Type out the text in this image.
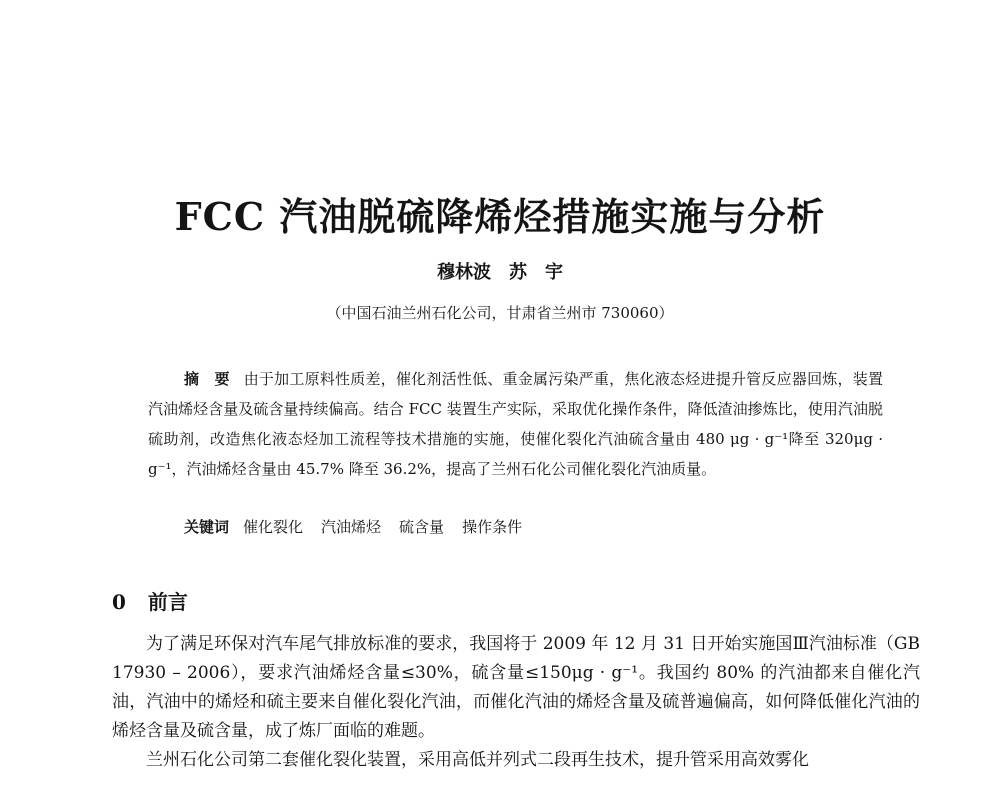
FCC 汽油脱硫降烯烃措施实施与分析
穆林波　苏　宇
（中国石油兰州石化公司，甘肃省兰州市 730060）

摘　要 由于加工原料性质差，催化剂活性低、重金属污染严重，焦化液态烃进提升管反应器回炼，装置汽油烯烃含量及硫含量持续偏高。结合 FCC 装置生产实际，采取优化操作条件，降低渣油掺炼比，使用汽油脱硫助剂，改造焦化液态烃加工流程等技术措施的实施，使催化裂化汽油硫含量由 480 μg · g⁻¹降至 320μg · g⁻¹，汽油烯烃含量由 45.7% 降至 36.2%，提高了兰州石化公司催化裂化汽油质量。

关键词 催化裂化 汽油烯烃 硫含量 操作条件

0 前言

为了满足环保对汽车尾气排放标准的要求，我国将于 2009 年 12 月 31 日开始实施国Ⅲ汽油标准（GB 17930 – 2006），要求汽油烯烃含量≤30%，硫含量≤150μg · g⁻¹。我国约 80% 的汽油都来自催化汽油，汽油中的烯烃和硫主要来自催化裂化汽油，而催化汽油的烯烃含量及硫普遍偏高，如何降低催化汽油的烯烃含量及硫含量，成了炼厂面临的难题。

兰州石化公司第二套催化裂化装置，采用高低并列式二段再生技术，提升管采用高效雾化
